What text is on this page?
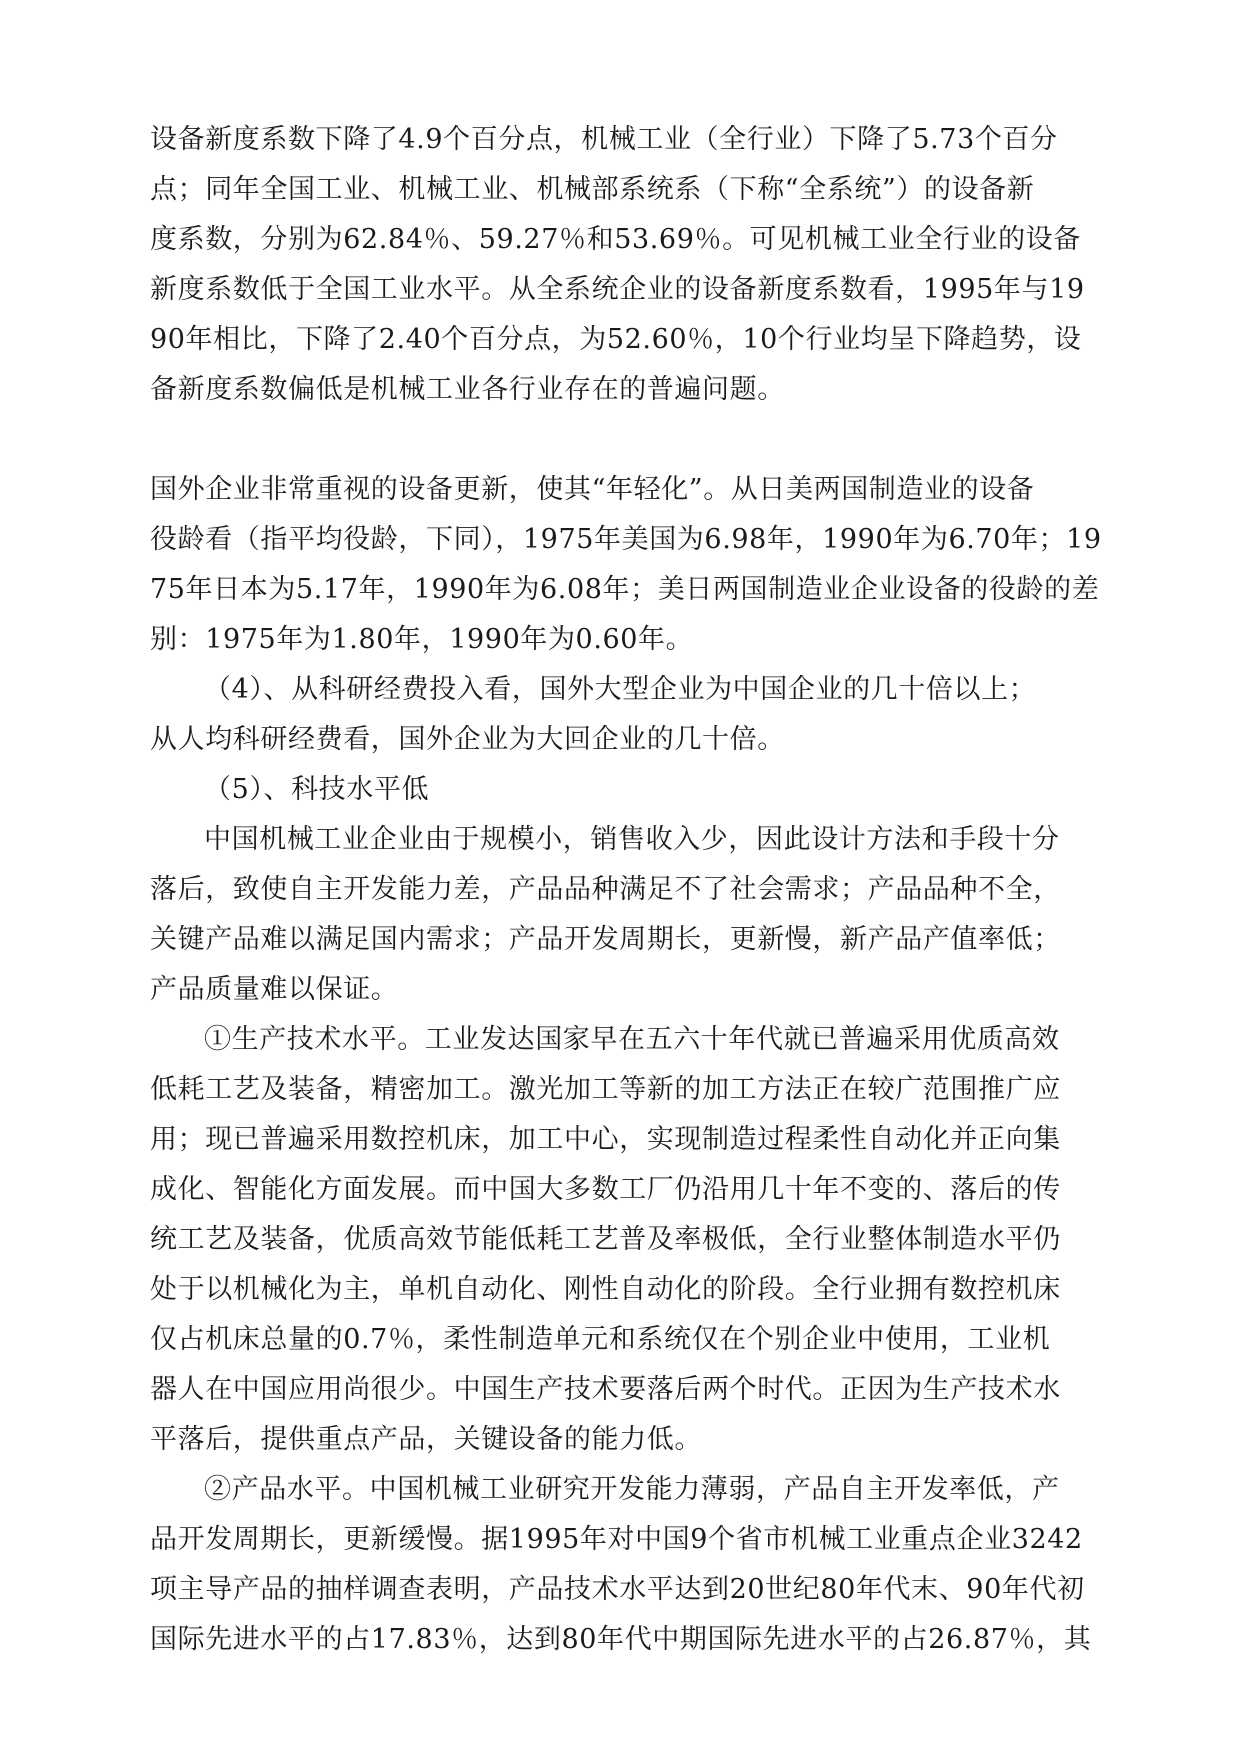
设备新度系数下降了4.9个百分点，机械工业（全行业）下降了5.73个百分
点；同年全国工业、机械工业、机械部系统系（下称“全系统”）的设备新
度系数，分别为62.84％、59.27％和53.69％。可见机械工业全行业的设备
新度系数低于全国工业水平。从全系统企业的设备新度系数看，1995年与19
90年相比，下降了2.40个百分点，为52.60％，10个行业均呈下降趋势，设
备新度系数偏低是机械工业各行业存在的普遍问题。
国外企业非常重视的设备更新，使其“年轻化”。从日美两国制造业的设备
役龄看（指平均役龄，下同），1975年美国为6.98年，1990年为6.70年；19
75年日本为5.17年，1990年为6.08年；美日两国制造业企业设备的役龄的差
别：1975年为1.80年，1990年为0.60年。
（4）、从科研经费投入看，国外大型企业为中国企业的几十倍以上；
从人均科研经费看，国外企业为大回企业的几十倍。
（5）、科技水平低
中国机械工业企业由于规模小，销售收入少，因此设计方法和手段十分
落后，致使自主开发能力差，产品品种满足不了社会需求；产品品种不全，
关键产品难以满足国内需求；产品开发周期长，更新慢，新产品产值率低；
产品质量难以保证。
①生产技术水平。工业发达国家早在五六十年代就已普遍采用优质高效
低耗工艺及装备，精密加工。激光加工等新的加工方法正在较广范围推广应
用；现已普遍采用数控机床，加工中心，实现制造过程柔性自动化并正向集
成化、智能化方面发展。而中国大多数工厂仍沿用几十年不变的、落后的传
统工艺及装备，优质高效节能低耗工艺普及率极低，全行业整体制造水平仍
处于以机械化为主，单机自动化、刚性自动化的阶段。全行业拥有数控机床
仅占机床总量的0.7％，柔性制造单元和系统仅在个别企业中使用，工业机
器人在中国应用尚很少。中国生产技术要落后两个时代。正因为生产技术水
平落后，提供重点产品，关键设备的能力低。
②产品水平。中国机械工业研究开发能力薄弱，产品自主开发率低，产
品开发周期长，更新缓慢。据1995年对中国9个省市机械工业重点企业3242
项主导产品的抽样调查表明，产品技术水平达到20世纪80年代末、90年代初
国际先进水平的占17.83％，达到80年代中期国际先进水平的占26.87％，其
